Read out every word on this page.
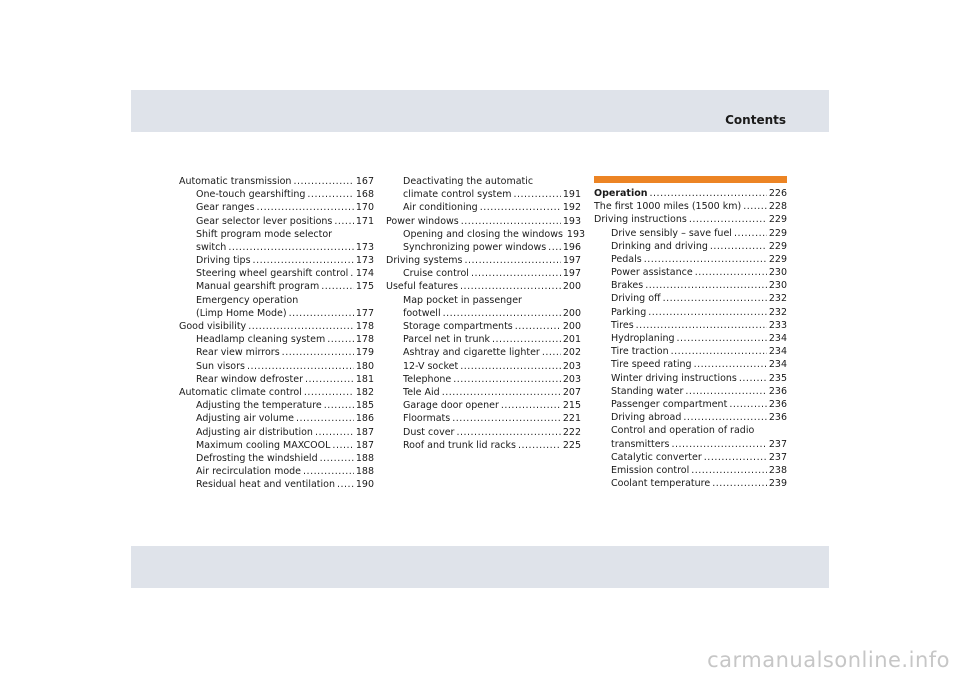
Contents
Automatic transmission .....	167
One-touch gearshifting .....	168
Gear ranges .....	170
Gear selector lever positions ..... 171
Shift program mode selector
switch .....	173
Driving tips .....	173
Steering wheel gearshift control ..... 174
Manual gearshift program .....	175
Emergency operation
(Limp Home Mode) .....	177
Good visibility .....	178
Headlamp cleaning system .....	178
Rear view mirrors .....	179
Sun visors .....	180
Rear window defroster .....	181
Automatic climate control .....	182
Adjusting the temperature .....	185
Adjusting air volume .....	186
Adjusting air distribution .....	187
Maximum cooling MAXCOOL .....	187
Defrosting the windshield .....	188
Air recirculation mode .....	188
Residual heat and ventilation ..... 190
Deactivating the automatic
climate control system .....	191
Air conditioning .....	192
Power windows .....	193
Opening and closing the windows 193
Synchronizing power windows ..... 196
Driving systems .....	197
Cruise control .....	197
Useful features .....	200
Map pocket in passenger
footwell .....	200
Storage compartments .....	200
Parcel net in trunk .....	201
Ashtray and cigarette lighter ..... 202
12-V socket .....	203
Telephone .....	203
Tele Aid .....	207
Garage door opener .....	215
Floormats .....	221
Dust cover .....	222
Roof and trunk lid racks .....	225
Operation .....	226
The first 1000 miles (1500 km) .....	228
Driving instructions .....	229
Drive sensibly – save fuel .....	229
Drinking and driving .....	229
Pedals .....	229
Power assistance .....	230
Brakes .....	230
Driving off .....	232
Parking .....	232
Tires .....	233
Hydroplaning .....	234
Tire traction .....	234
Tire speed rating .....	234
Winter driving instructions .....	235
Standing water .....	236
Passenger compartment .....	236
Driving abroad .....	236
Control and operation of radio
transmitters .....	237
Catalytic converter .....	237
Emission control .....	238
Coolant temperature .....	239
carmanualsonline.info
